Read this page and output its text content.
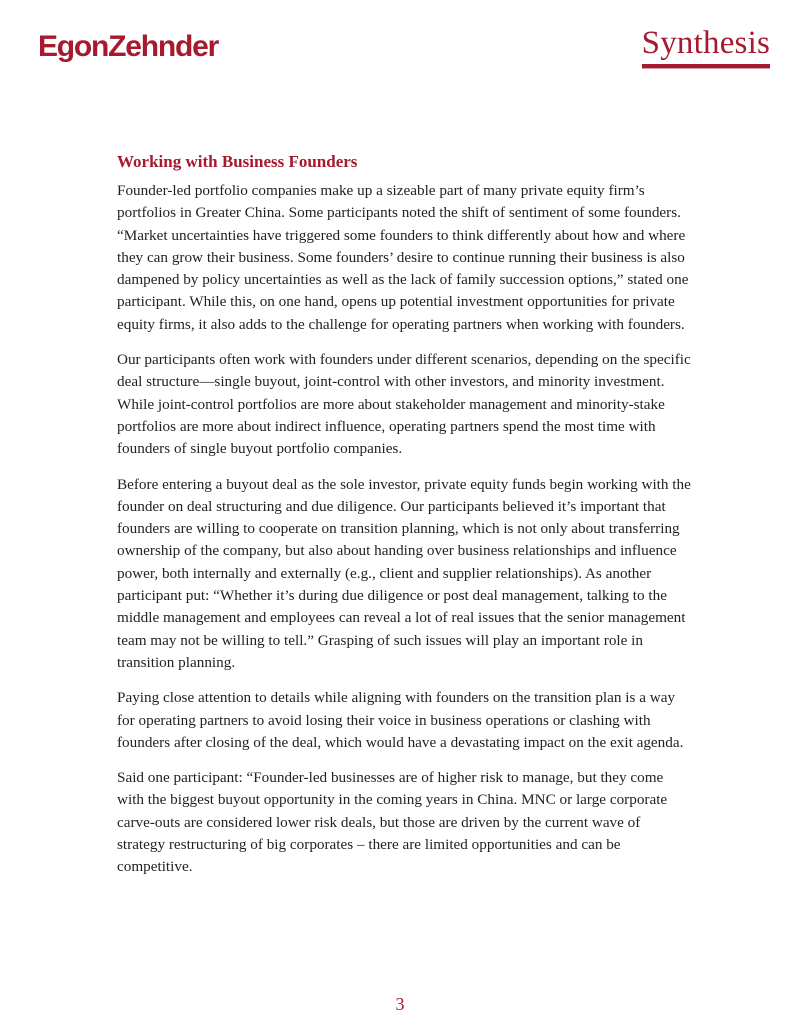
EgonZehnder	Synthesis
Working with Business Founders

Founder-led portfolio companies make up a sizeable part of many private equity firm’s portfolios in Greater China. Some participants noted the shift of sentiment of some founders. “Market uncertainties have triggered some founders to think differently about how and where they can grow their business. Some founders’ desire to continue running their business is also dampened by policy uncertainties as well as the lack of family succession options,” stated one participant. While this, on one hand, opens up potential investment opportunities for private equity firms, it also adds to the challenge for operating partners when working with founders.

Our participants often work with founders under different scenarios, depending on the specific deal structure—single buyout, joint-control with other investors, and minority investment. While joint-control portfolios are more about stakeholder management and minority-stake portfolios are more about indirect influence, operating partners spend the most time with founders of single buyout portfolio companies.

Before entering a buyout deal as the sole investor, private equity funds begin working with the founder on deal structuring and due diligence. Our participants believed it’s important that founders are willing to cooperate on transition planning, which is not only about transferring ownership of the company, but also about handing over business relationships and influence power, both internally and externally (e.g., client and supplier relationships). As another participant put: “Whether it’s during due diligence or post deal management, talking to the middle management and employees can reveal a lot of real issues that the senior management team may not be willing to tell.” Grasping of such issues will play an important role in transition planning.

Paying close attention to details while aligning with founders on the transition plan is a way for operating partners to avoid losing their voice in business operations or clashing with founders after closing of the deal, which would have a devastating impact on the exit agenda.

Said one participant: “Founder-led businesses are of higher risk to manage, but they come with the biggest buyout opportunity in the coming years in China. MNC or large corporate carve-outs are considered lower risk deals, but those are driven by the current wave of strategy restructuring of big corporates – there are limited opportunities and can be competitive.

3
